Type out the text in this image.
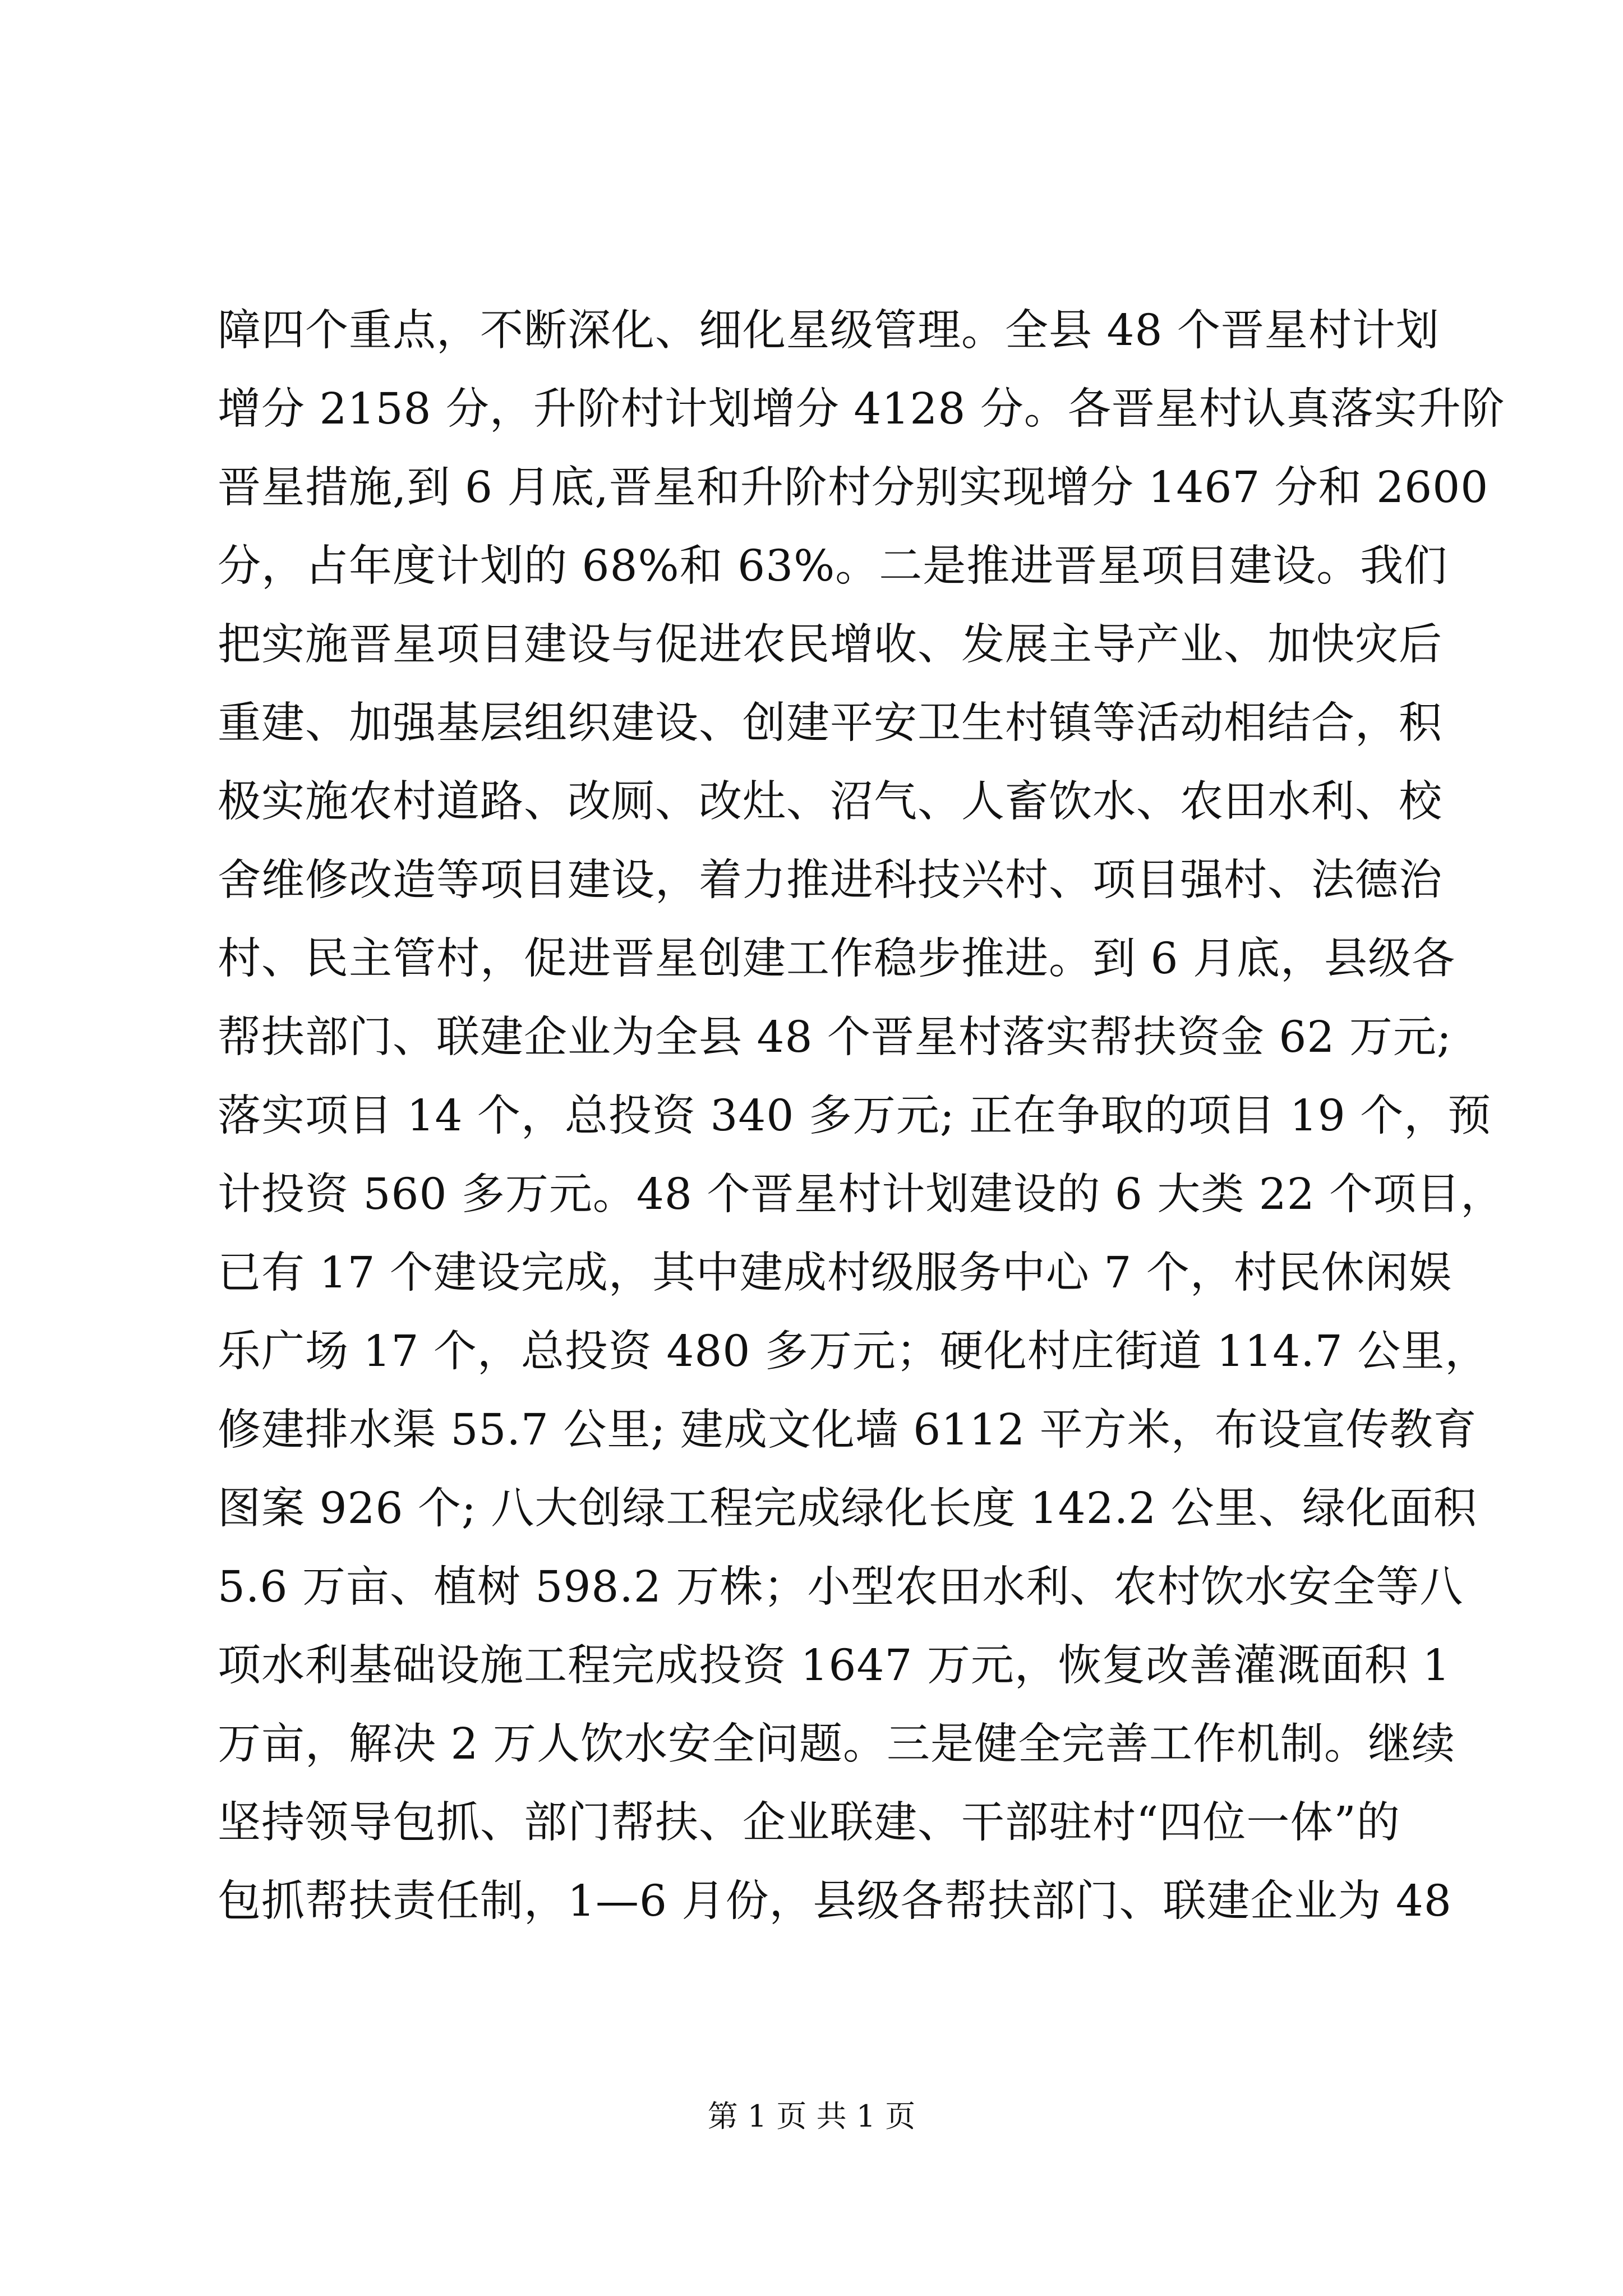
障四个重点，不断深化、细化星级管理。全县 48 个晋星村计划
增分 2158 分，升阶村计划增分 4128 分。各晋星村认真落实升阶
晋星措施,到 6 月底,晋星和升阶村分别实现增分 1467 分和 2600
分，占年度计划的 68%和 63%。二是推进晋星项目建设。我们
把实施晋星项目建设与促进农民增收、发展主导产业、加快灾后
重建、加强基层组织建设、创建平安卫生村镇等活动相结合，积
极实施农村道路、改厕、改灶、沼气、人畜饮水、农田水利、校
舍维修改造等项目建设，着力推进科技兴村、项目强村、法德治
村、民主管村，促进晋星创建工作稳步推进。到 6 月底，县级各
帮扶部门、联建企业为全县 48 个晋星村落实帮扶资金 62 万元;
落实项目 14 个，总投资 340 多万元; 正在争取的项目 19 个，预
计投资 560 多万元。48 个晋星村计划建设的 6 大类 22 个项目，
已有 17 个建设完成，其中建成村级服务中心 7 个，村民休闲娱
乐广场 17 个，总投资 480 多万元；硬化村庄街道 114.7 公里，
修建排水渠 55.7 公里; 建成文化墙 6112 平方米，布设宣传教育
图案 926 个; 八大创绿工程完成绿化长度 142.2 公里、绿化面积
5.6 万亩、植树 598.2 万株；小型农田水利、农村饮水安全等八
项水利基础设施工程完成投资 1647 万元，恢复改善灌溉面积 1
万亩，解决 2 万人饮水安全问题。三是健全完善工作机制。继续
坚持领导包抓、部门帮扶、企业联建、干部驻村“四位一体”的
包抓帮扶责任制，1—6 月份，县级各帮扶部门、联建企业为 48
第 1 页 共 1 页
